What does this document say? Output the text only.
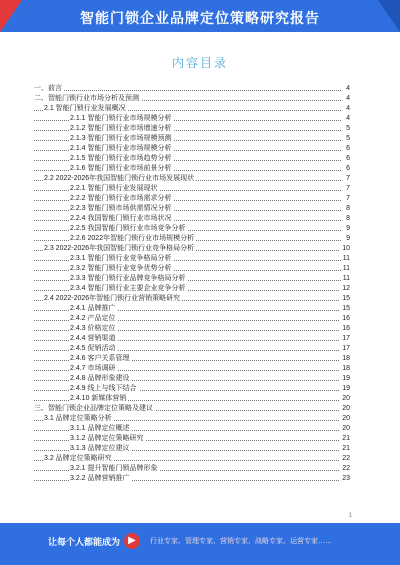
智能门锁企业品牌定位策略研究报告
内容目录
一、前言	4
二、智能门锁行业市场分析及预测	4
2.1 智能门锁行业发展概况	4
2.1.1 智能门锁行业市场规模分析	4
2.1.2 智能门锁行业市场增速分析	5
2.1.3 智能门锁行业市场规模预测	5
2.1.4 智能门锁行业市场规模分析	6
2.1.5 智能门锁行业市场趋势分析	6
2.1.6 智能门锁行业市场前景分析	6
2.2 2022-2026年我国智能门锁行业市场发展现状	7
2.2.1 智能门锁行业发展现状	7
2.2.2 智能门锁行业市场需求分析	7
2.2.3 智能门锁市场供需情况分析	8
2.2.4 我国智能门锁行业市场状况	8
2.2.5 我国智能门锁行业市场竞争分析	9
2.2.6 2022年智能门锁行业市场规模分析	9
2.3 2022-2026年我国智能门锁行业竞争格局分析	10
2.3.1 智能门锁行业竞争格局分析	11
2.3.2 智能门锁行业竞争优势分析	11
2.3.3 智能门锁行业品牌竞争格局分析	11
2.3.4 智能门锁行业主要企业竞争分析	12
2.4 2022-2026年智能门锁行业营销策略研究	15
2.4.1 品牌推广	15
2.4.2 产品定位	16
2.4.3 价格定位	16
2.4.4 营销渠道	17
2.4.5 促销活动	17
2.4.6 客户关系管理	18
2.4.7 市场调研	18
2.4.8 品牌形象建设	19
2.4.9 线上与线下结合	19
2.4.10 新媒体营销	20
三、智能门锁企业品牌定位策略及建议	20
3.1 品牌定位策略分析	20
3.1.1 品牌定位概述	20
3.1.2 品牌定位策略研究	21
3.1.3 品牌定位建议	21
3.2 品牌定位策略研究	22
3.2.1 提升智能门锁品牌形象	22
3.2.2 品牌营销推广	23
1
让每个人都能成为 ▶	行业专家、管理专家、营销专家、战略专家、运营专家……
